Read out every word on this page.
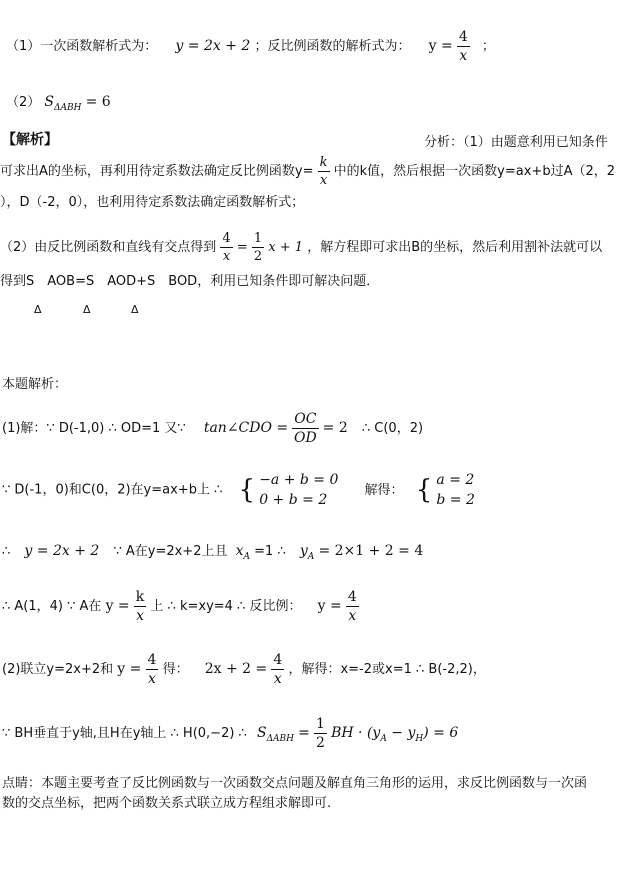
（1）一次函数解析式为： y = 2x + 2 ；反比例函数的解析式为： $y = \frac{4}{x}$ ；
（2） $S_{\Delta ABH} = 6$
【解析】	分析：（1）由题意利用已知条件
可求出A的坐标，再利用待定系数法确定反比例函数$y= \frac{k}{x}$ 中的k值，然后根据一次函数y=ax+b过A（2，2
），D（-2，0），也利用待定系数法确定函数解析式；
（2）由反比例函数和直线有交点得到 $\frac{4}{x} = \frac{1}{2}$ x + 1 ，解方程即可求出B的坐标，然后利用割补法就可以
得到S　AOB=S　AOD+S　BOD，利用已知条件即可解决问题．
Δ	Δ	Δ
本题解析：
(1)解：∵ D(-1,0) ∴ OD=1 又∵ tan∠CDO = $\frac{OC}{OD} = 2$ ∴ C(0，2)
∵ D(-1，0)和C(0，2)在y=ax+b上 ∴ { −a + b = 0
0 + b = 2
解得： { a = 2
b = 2
∴ y = 2x + 2 ∵ A在y=2x+2上且 $x_A =1$ ∴ $y_A = 2\times 1 + 2 = 4$
∴ A(1，4) ∵ A在 $y = \frac{k}{x}$ 上 ∴ k=xy=4 ∴ 反比例： $y = \frac{4}{x}$
(2)联立y=2x+2和 $y = \frac{4}{x}$ 得： $2x + 2 = \frac{4}{x}$ ，解得：x=-2或x=1 ∴ B(-2,2)，
∵ BH垂直于y轴,且H在y轴上 ∴ H(0,−2) ∴ $S_{\Delta ABH} = \frac{1}{2}$ BH · $(y_A - y_H) = 6$
点睛：本题主要考查了反比例函数与一次函数交点问题及解直角三角形的运用，求反比例函数与一次函
数的交点坐标，把两个函数关系式联立成方程组求解即可.
